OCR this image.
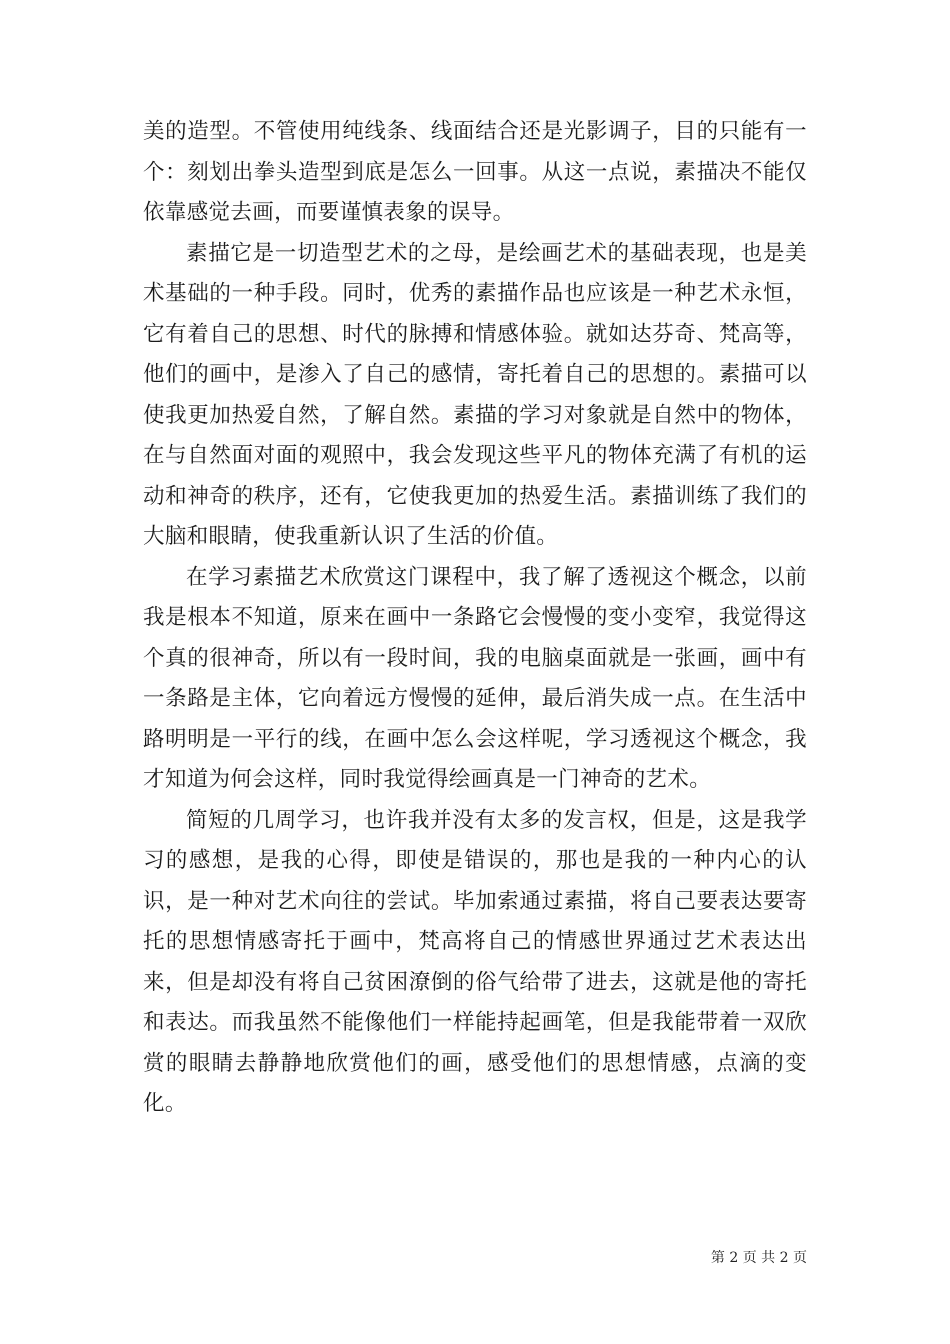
美的造型。不管使用纯线条、线面结合还是光影调子，目的只能有一个：刻划出拳头造型到底是怎么一回事。从这一点说，素描决不能仅依靠感觉去画，而要谨慎表象的误导。

素描它是一切造型艺术的之母，是绘画艺术的基础表现，也是美术基础的一种手段。同时，优秀的素描作品也应该是一种艺术永恒，它有着自己的思想、时代的脉搏和情感体验。就如达芬奇、梵高等，他们的画中，是渗入了自己的感情，寄托着自己的思想的。素描可以使我更加热爱自然，了解自然。素描的学习对象就是自然中的物体，在与自然面对面的观照中，我会发现这些平凡的物体充满了有机的运动和神奇的秩序，还有，它使我更加的热爱生活。素描训练了我们的大脑和眼睛，使我重新认识了生活的价值。

在学习素描艺术欣赏这门课程中，我了解了透视这个概念，以前我是根本不知道，原来在画中一条路它会慢慢的变小变窄，我觉得这个真的很神奇，所以有一段时间，我的电脑桌面就是一张画，画中有一条路是主体，它向着远方慢慢的延伸，最后消失成一点。在生活中路明明是一平行的线，在画中怎么会这样呢，学习透视这个概念，我才知道为何会这样，同时我觉得绘画真是一门神奇的艺术。

简短的几周学习，也许我并没有太多的发言权，但是，这是我学习的感想，是我的心得，即使是错误的，那也是我的一种内心的认识，是一种对艺术向往的尝试。毕加索通过素描，将自己要表达要寄托的思想情感寄托于画中，梵高将自己的情感世界通过艺术表达出来，但是却没有将自己贫困潦倒的俗气给带了进去，这就是他的寄托和表达。而我虽然不能像他们一样能持起画笔，但是我能带着一双欣赏的眼睛去静静地欣赏他们的画，感受他们的思想情感，点滴的变化。

第 2 页 共 2 页
